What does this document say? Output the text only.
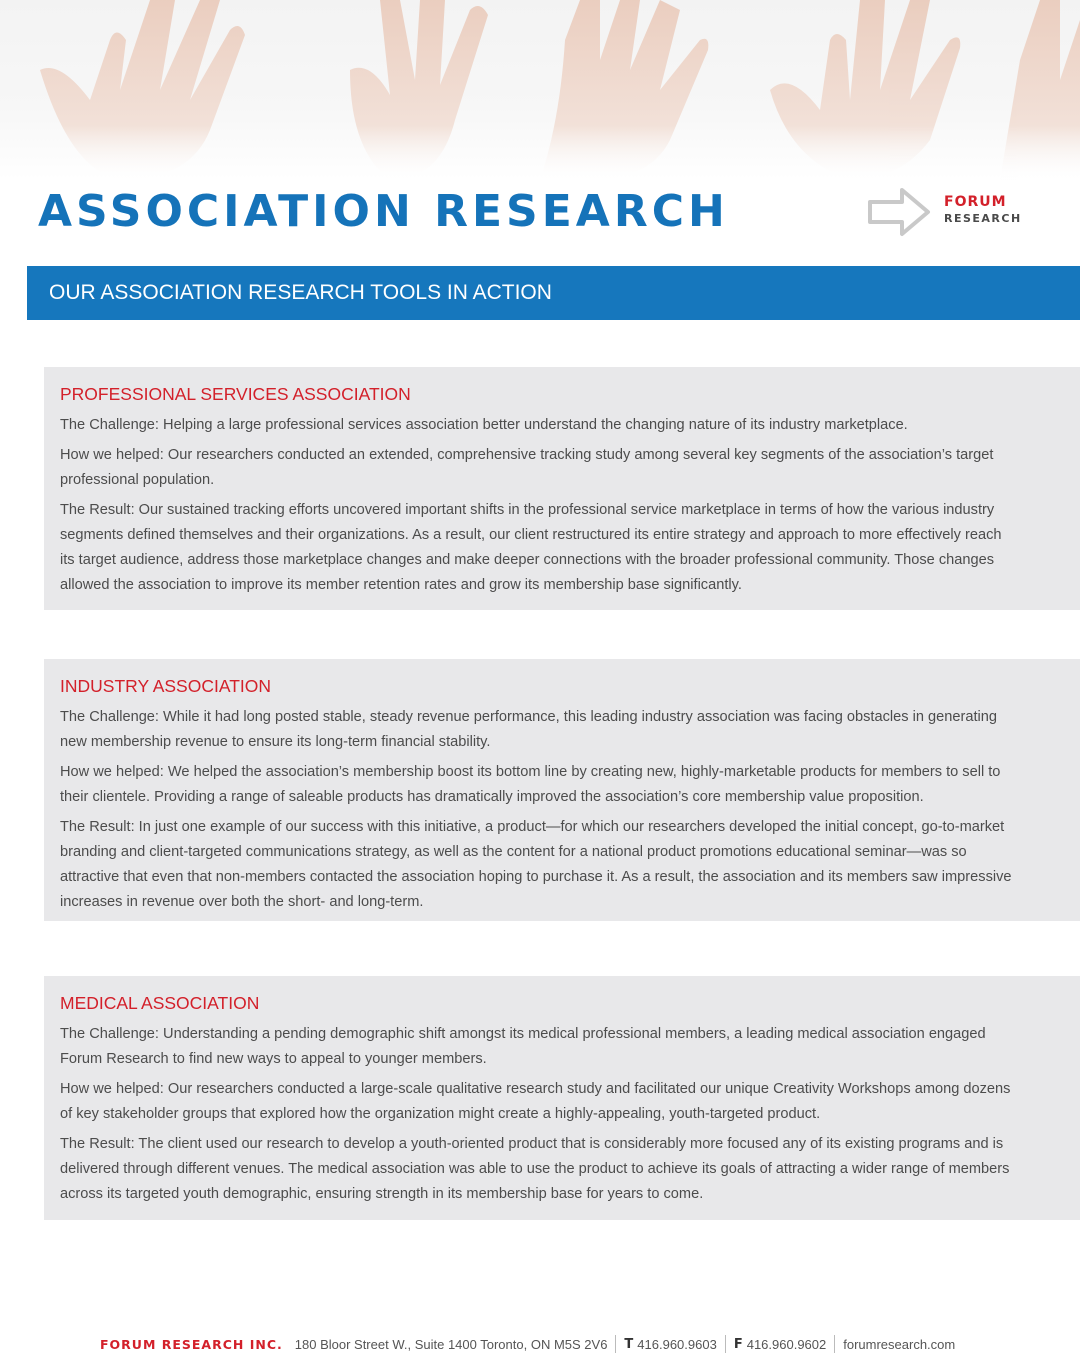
ASSOCIATION RESEARCH	FORUM
RESEARCH
OUR ASSOCIATION RESEARCH TOOLS IN ACTION
PROFESSIONAL SERVICES ASSOCIATION

The Challenge: Helping a large professional services association better understand the changing nature of its industry marketplace.

How we helped: Our researchers conducted an extended, comprehensive tracking study among several key segments of the association’s target professional population.

The Result: Our sustained tracking efforts uncovered important shifts in the professional service marketplace in terms of how the various industry segments defined themselves and their organizations. As a result, our client restructured its entire strategy and approach to more effectively reach its target audience, address those marketplace changes and make deeper connections with the broader professional community. Those changes allowed the association to improve its member retention rates and grow its membership base significantly.

INDUSTRY ASSOCIATION

The Challenge: While it had long posted stable, steady revenue performance, this leading industry association was facing obstacles in generating new membership revenue to ensure its long-term financial stability.

How we helped: We helped the association’s membership boost its bottom line by creating new, highly-marketable products for members to sell to their clientele. Providing a range of saleable products has dramatically improved the association’s core membership value proposition.

The Result: In just one example of our success with this initiative, a product—for which our researchers developed the initial concept, go-to-market branding and client-targeted communications strategy, as well as the content for a national product promotions educational seminar—was so attractive that even that non-members contacted the association hoping to purchase it. As a result, the association and its members saw impressive increases in revenue over both the short- and long-term.

MEDICAL ASSOCIATION

The Challenge: Understanding a pending demographic shift amongst its medical professional members, a leading medical association engaged Forum Research to find new ways to appeal to younger members.

How we helped: Our researchers conducted a large-scale qualitative research study and facilitated our unique Creativity Workshops among dozens of key stakeholder groups that explored how the organization might create a highly-appealing, youth-targeted product.

The Result: The client used our research to develop a youth-oriented product that is considerably more focused any of its existing programs and is delivered through different venues. The medical association was able to use the product to achieve its goals of attracting a wider range of members across its targeted youth demographic, ensuring strength in its membership base for years to come.

FORUM RESEARCH INC. 180 Bloor Street W., Suite 1400 Toronto, ON M5S 2V6 T 416.960.9603 F 416.960.9602 forumresearch.com
